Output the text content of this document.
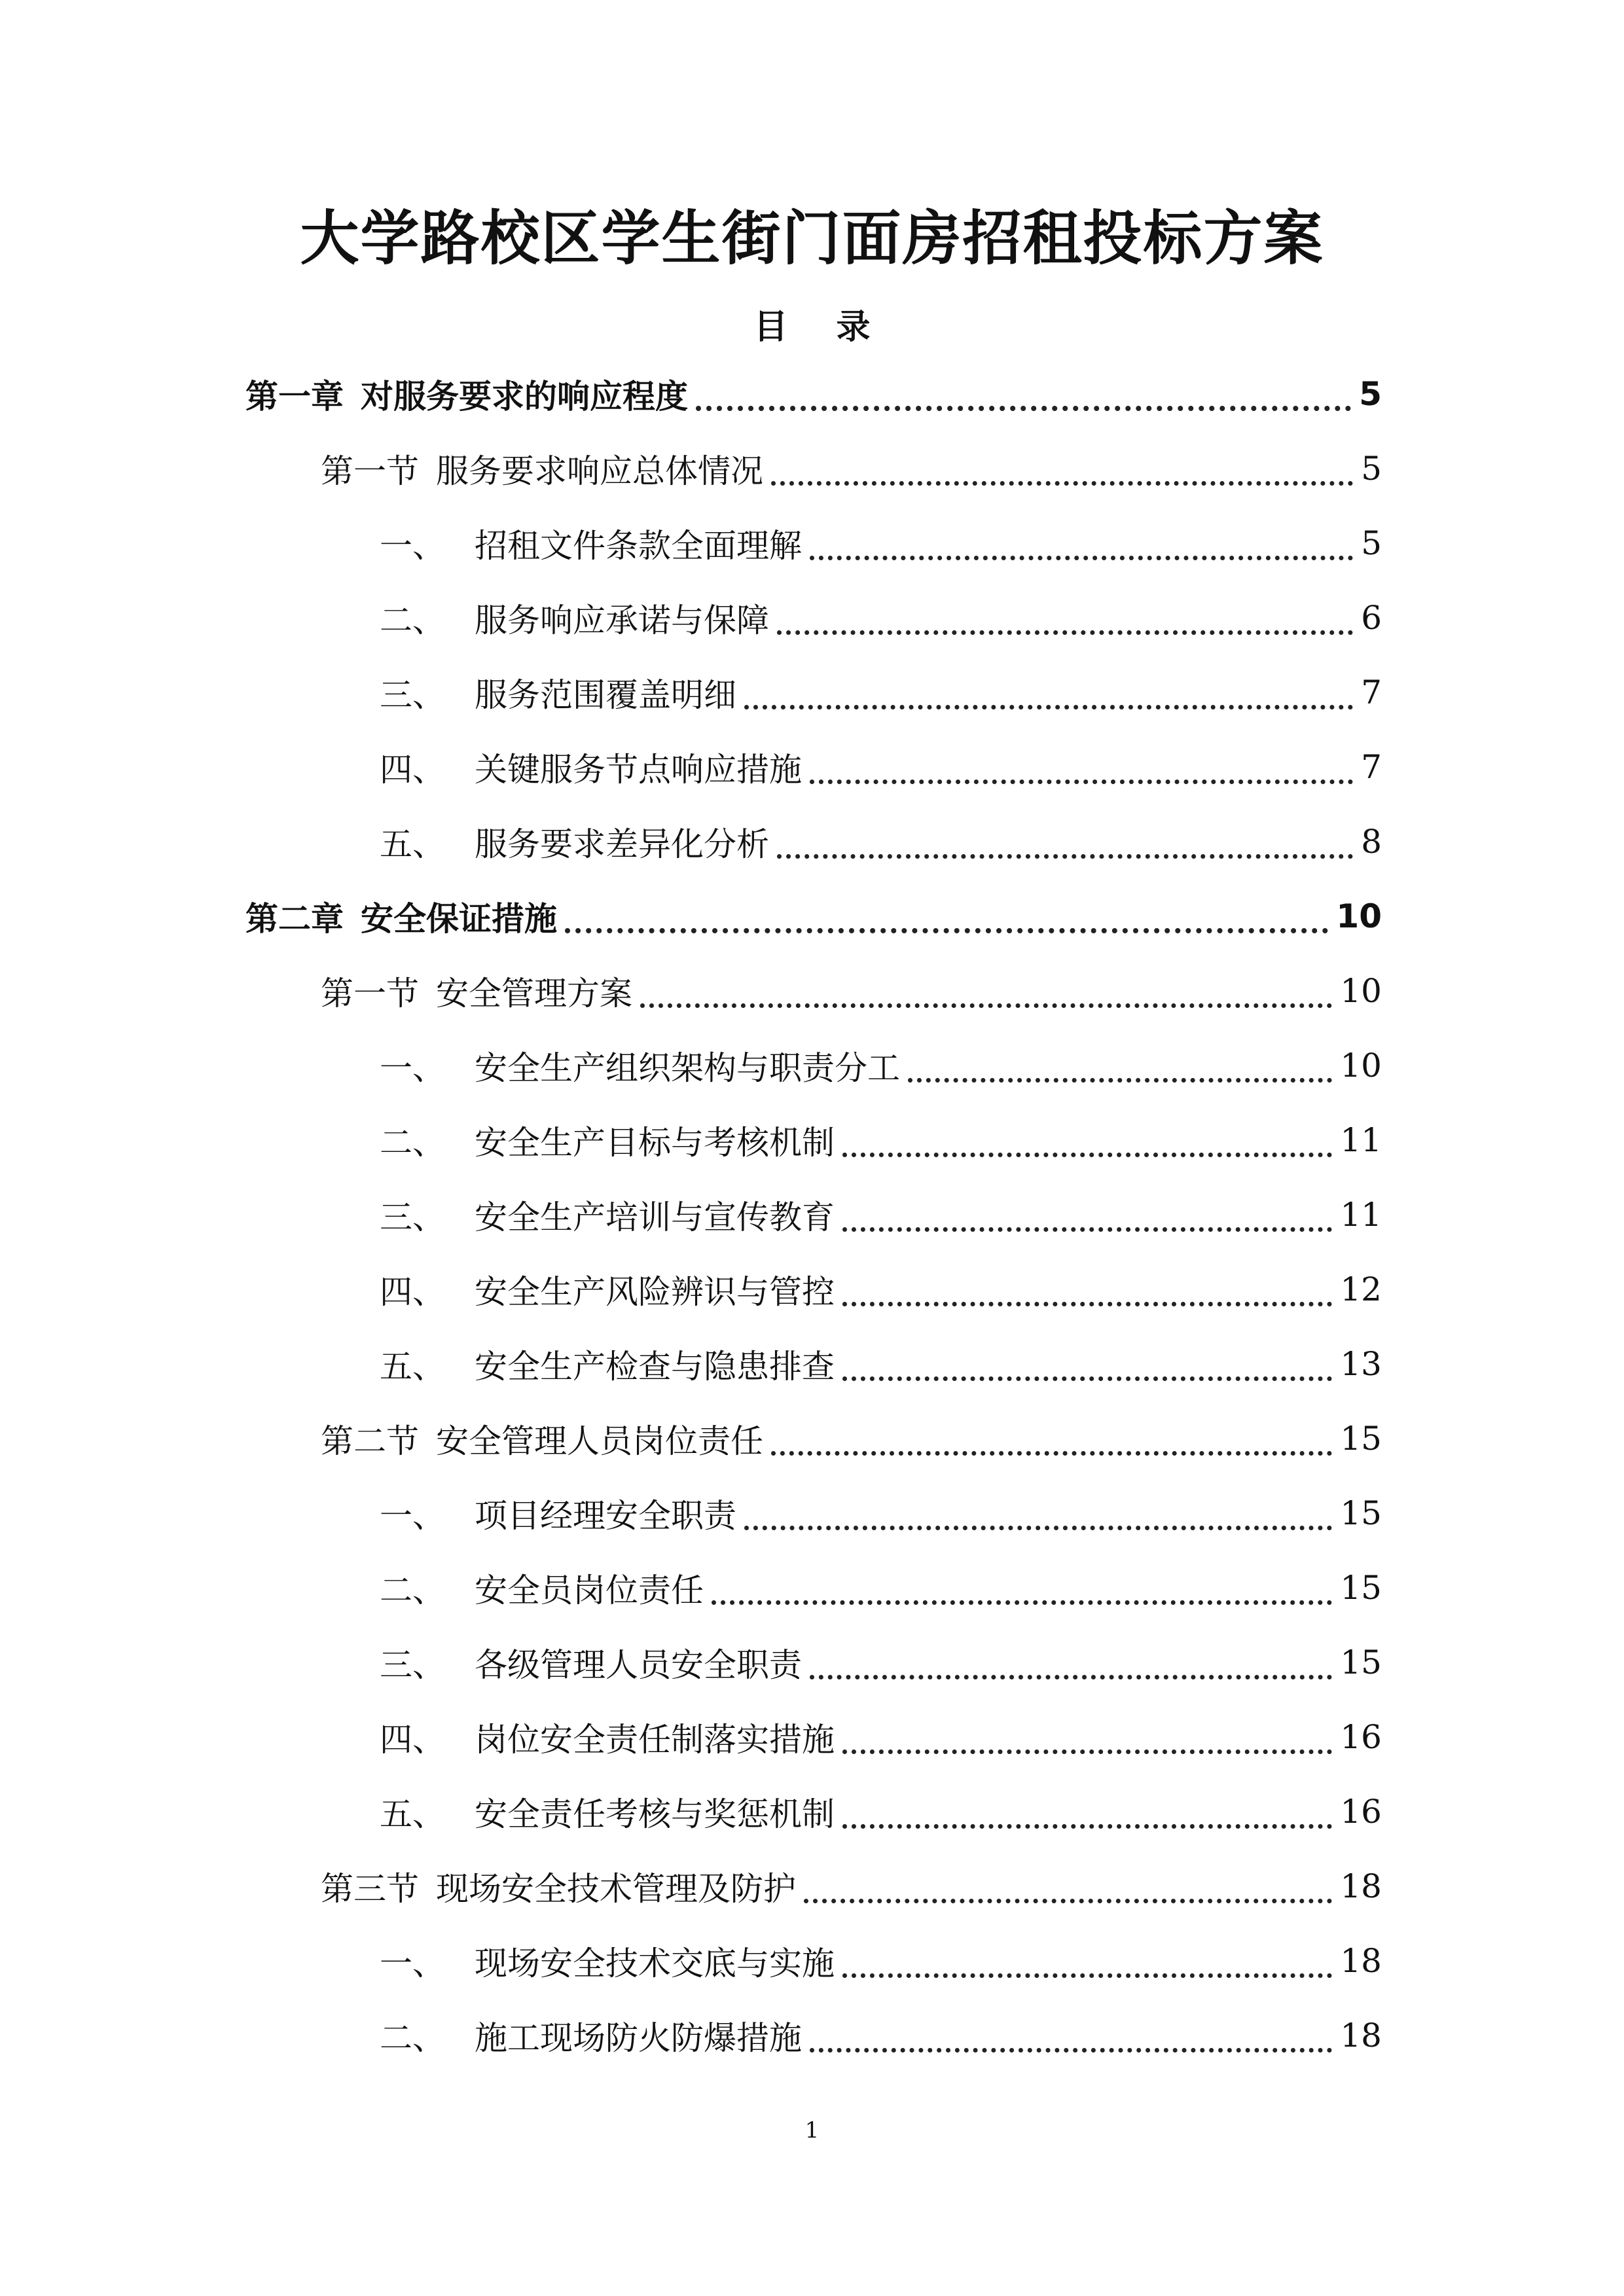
大学路校区学生街门面房招租投标方案
目 录
第一章 对服务要求的响应程度	5
第一节 服务要求响应总体情况	5
一、 招租文件条款全面理解	5
二、 服务响应承诺与保障	6
三、 服务范围覆盖明细	7
四、 关键服务节点响应措施	7
五、 服务要求差异化分析	8
第二章 安全保证措施	10
第一节 安全管理方案	10
一、 安全生产组织架构与职责分工	10
二、 安全生产目标与考核机制	11
三、 安全生产培训与宣传教育	11
四、 安全生产风险辨识与管控	12
五、 安全生产检查与隐患排查	13
第二节 安全管理人员岗位责任	15
一、 项目经理安全职责	15
二、 安全员岗位责任	15
三、 各级管理人员安全职责	15
四、 岗位安全责任制落实措施	16
五、 安全责任考核与奖惩机制	16
第三节 现场安全技术管理及防护	18
一、 现场安全技术交底与实施	18
二、 施工现场防火防爆措施	18
1
